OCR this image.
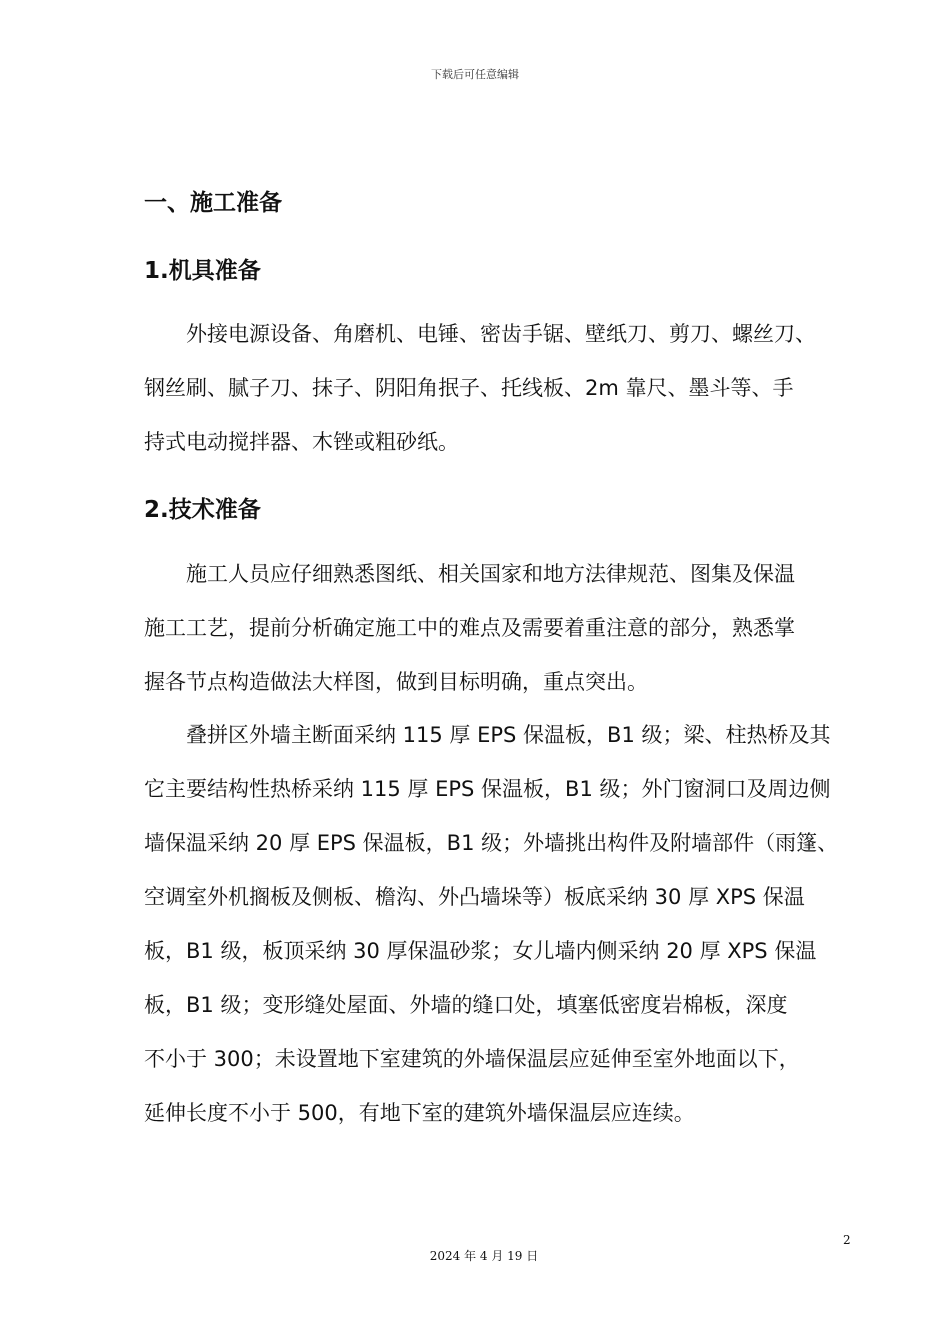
下载后可任意编辑
一、施工准备
1.机具准备

　　外接电源设备、角磨机、电锤、密齿手锯、壁纸刀、剪刀、螺丝刀、
钢丝刷、腻子刀、抹子、阴阳角抿子、托线板、2m 靠尺、墨斗等、手
持式电动搅拌器、木锉或粗砂纸。

2.技术准备

　　施工人员应仔细熟悉图纸、相关国家和地方法律规范、图集及保温
施工工艺，提前分析确定施工中的难点及需要着重注意的部分，熟悉掌
握各节点构造做法大样图，做到目标明确，重点突出。

　　叠拼区外墙主断面采纳 115 厚 EPS 保温板，B1 级；梁、柱热桥及其
它主要结构性热桥采纳 115 厚 EPS 保温板，B1 级；外门窗洞口及周边侧
墙保温采纳 20 厚 EPS 保温板，B1 级；外墙挑出构件及附墙部件（雨篷、
空调室外机搁板及侧板、檐沟、外凸墙垛等）板底采纳 30 厚 XPS 保温
板，B1 级，板顶采纳 30 厚保温砂浆；女儿墙内侧采纳 20 厚 XPS 保温
板，B1 级；变形缝处屋面、外墙的缝口处，填塞低密度岩棉板，深度
不小于 300；未设置地下室建筑的外墙保温层应延伸至室外地面以下，
延伸长度不小于 500，有地下室的建筑外墙保温层应连续。

2
2024 年 4 月 19 日
